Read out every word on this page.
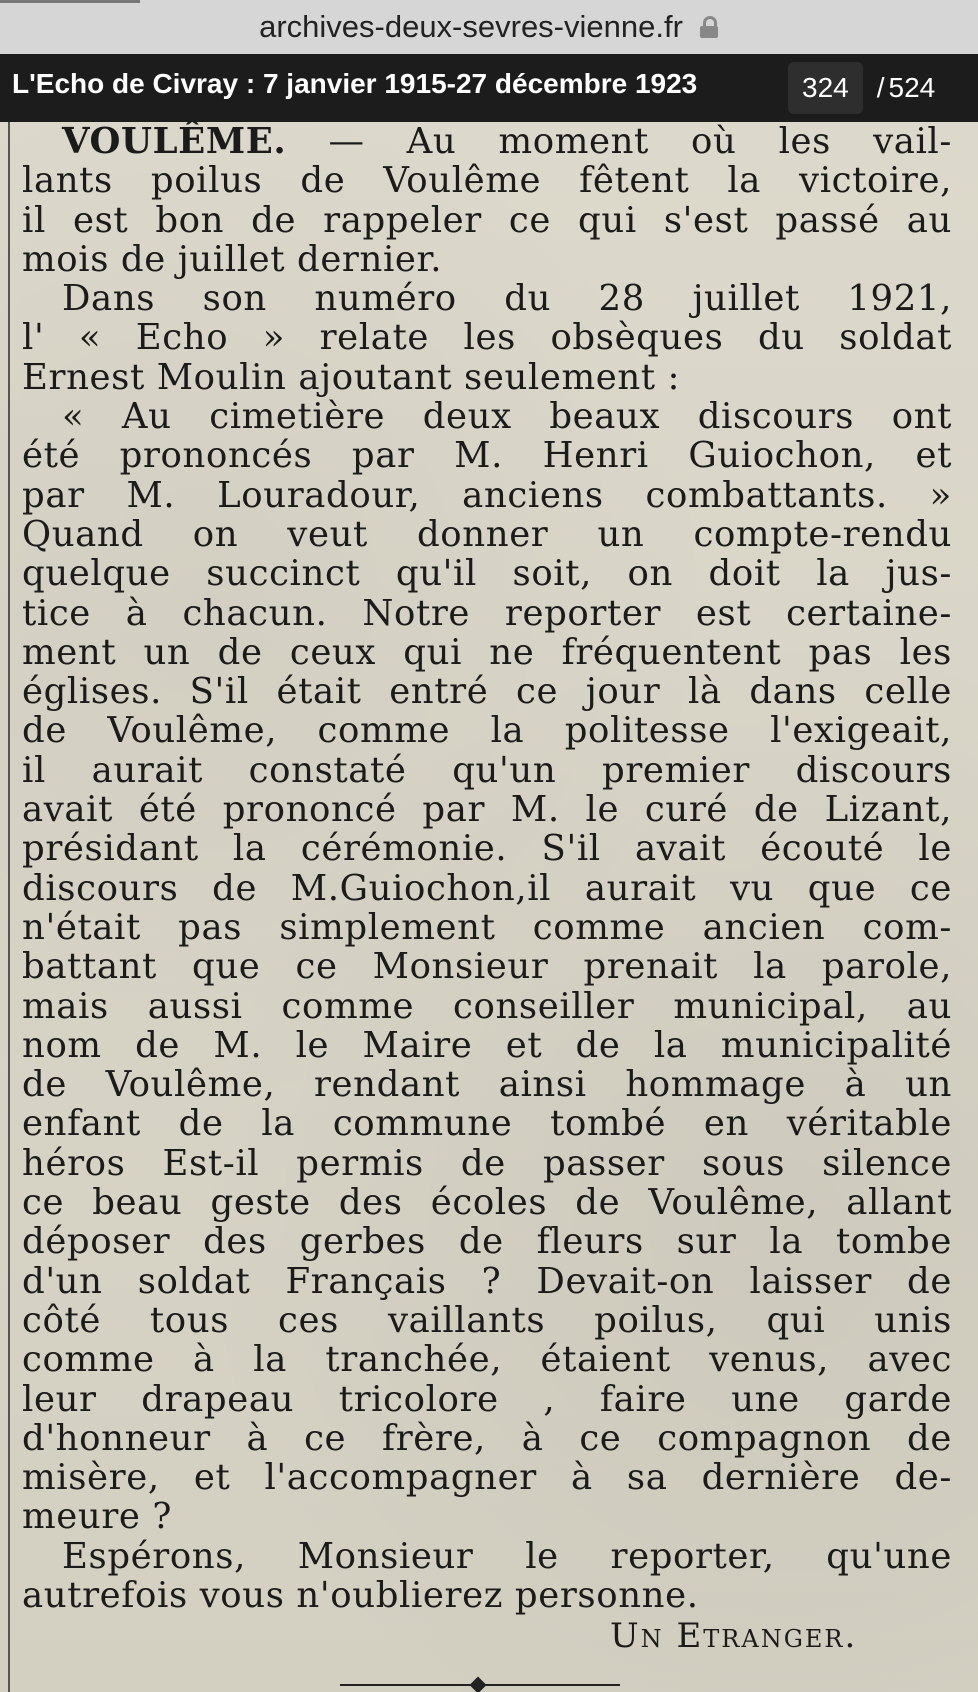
archives-deux-sevres-vienne.fr
L'Echo de Civray : 7 janvier 1915-27 décembre 1923	324	/ 524
VOULÊME. — Au moment où les vail-
lants poilus de Voulême fêtent la victoire,
il est bon de rappeler ce qui s'est passé au
mois de juillet dernier.
Dans son numéro du 28 juillet 1921,
l' « Echo » relate les obsèques du soldat
Ernest Moulin ajoutant seulement :
« Au cimetière deux beaux discours ont
été prononcés par M. Henri Guiochon, et
par M. Louradour, anciens combattants. »
Quand on veut donner un compte-rendu
quelque succinct qu'il soit, on doit la jus-
tice à chacun. Notre reporter est certaine-
ment un de ceux qui ne fréquentent pas les
églises. S'il était entré ce jour là dans celle
de Voulême, comme la politesse l'exigeait,
il aurait constaté qu'un premier discours
avait été prononcé par M. le curé de Lizant,
présidant la cérémonie. S'il avait écouté le
discours de M.Guiochon,il aurait vu que ce
n'était pas simplement comme ancien com-
battant que ce Monsieur prenait la parole,
mais aussi comme conseiller municipal, au
nom de M. le Maire et de la municipalité
de Voulême, rendant ainsi hommage à un
enfant de la commune tombé en véritable
héros Est-il permis de passer sous silence
ce beau geste des écoles de Voulême, allant
déposer des gerbes de fleurs sur la tombe
d'un soldat Français ? Devait-on laisser de
côté tous ces vaillants poilus, qui unis
comme à la tranchée, étaient venus, avec
leur drapeau tricolore , faire une garde
d'honneur à ce frère, à ce compagnon de
misère, et l'accompagner à sa dernière de-
meure ?
Espérons, Monsieur le reporter, qu'une
autrefois vous n'oublierez personne.
Un Etranger.
